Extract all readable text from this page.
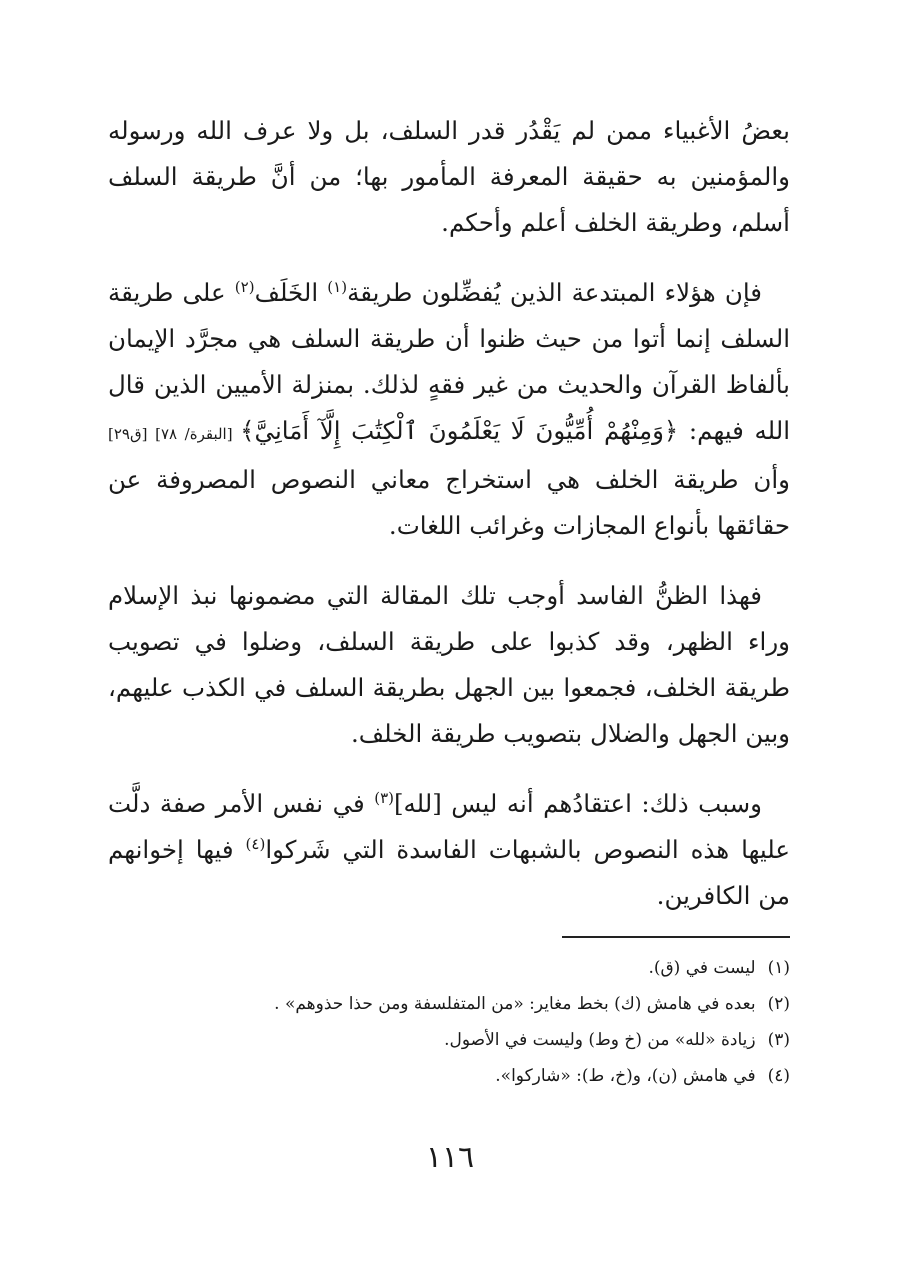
بعضُ الأغبياء ممن لم يَقْدُر قدر السلف، بل ولا عرف الله ورسوله والمؤمنين به حقيقة المعرفة المأمور بها؛ من أنَّ طريقة السلف أسلم، وطريقة الخلف أعلم وأحكم.

فإن هؤلاء المبتدعة الذين يُفضِّلون طريقة$^{(١)}$ الخَلَف$^{(٢)}$ على طريقة السلف إنما أتوا من حيث ظنوا أن طريقة السلف هي مجرَّد الإيمان بألفاظ القرآن والحديث من غير فقهٍ لذلك. بمنزلة الأميين الذين قال الله فيهم: ﴿وَمِنْهُمْ أُمِّيُّونَ لَا يَعْلَمُونَ ٱلْكِتَٰبَ إِلَّآ أَمَانِيَّ﴾ [البقرة/ ٧٨] [ق٢٩] وأن طريقة الخلف هي استخراج معاني النصوص المصروفة عن حقائقها بأنواع المجازات وغرائب اللغات.

فهذا الظنُّ الفاسد أوجب تلك المقالة التي مضمونها نبذ الإسلام وراء الظهر، وقد كذبوا على طريقة السلف، وضلوا في تصويب طريقة الخلف، فجمعوا بين الجهل بطريقة السلف في الكذب عليهم، وبين الجهل والضلال بتصويب طريقة الخلف.

وسبب ذلك: اعتقادُهم أنه ليس [لله]$^{(٣)}$ في نفس الأمر صفة دلَّت عليها هذه النصوص بالشبهات الفاسدة التي شَركوا$^{(٤)}$ فيها إخوانهم من الكافرين.

(١)ليست في (ق).
(٢)بعده في هامش (ك) بخط مغاير: «من المتفلسفة ومن حذا حذوهم» .
(٣)زيادة «لله» من (خ وط) وليست في الأصول.
(٤)في هامش (ن)، و(خ، ط): «شاركوا».
١١٦
